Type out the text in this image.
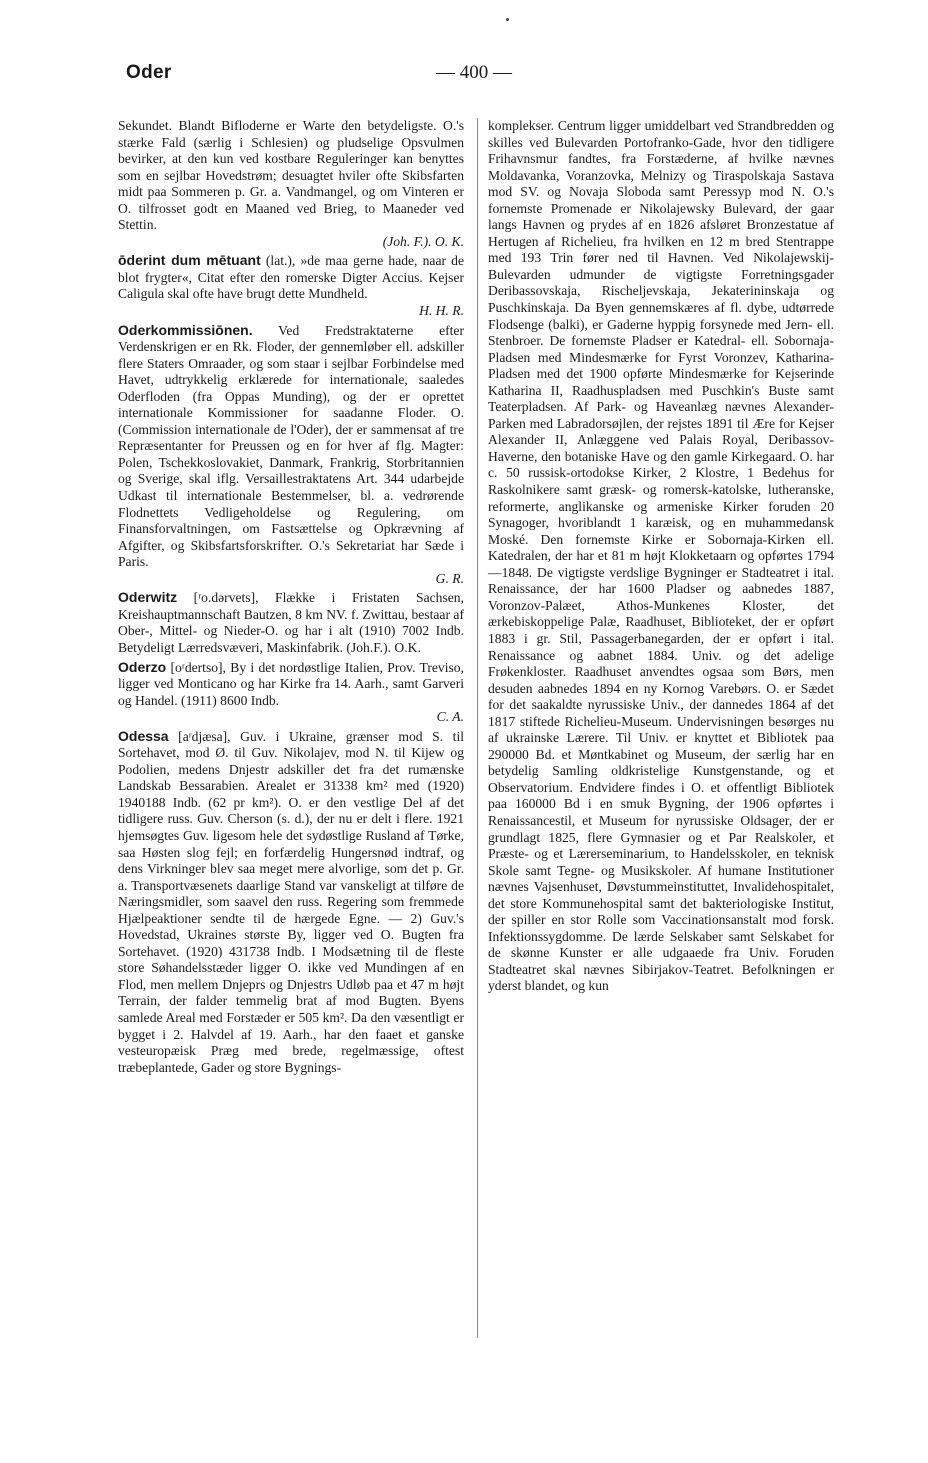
Oder	— 400 —

Sekundet. Blandt Bifloderne er Warte den betydeligste. O.'s stærke Fald (særlig i Schlesien) og pludselige Opsvulmen bevirker, at den kun ved kostbare Reguleringer kan benyttes som en sejlbar Hovedstrøm; desuagtet hviler ofte Skibsfarten midt paa Sommeren p. Gr. a. Vandmangel, og om Vinteren er O. tilfrosset godt en Maaned ved Brieg, to Maaneder ved Stettin.
(Joh. F.). O. K.

ōderint dum mētuant (lat.), »de maa gerne hade, naar de blot frygter«, Citat efter den romerske Digter Accius. Kejser Caligula skal ofte have brugt dette Mundheld.
H. H. R.

Oderkommissiōnen. Ved Fredstraktaterne efter Verdenskrigen er en Rk. Floder, der gennemløber ell. adskiller flere Staters Omraader, og som staar i sejlbar Forbindelse med Havet, udtrykkelig erklærede for internationale, saaledes Oderfloden (fra Oppas Munding), og der er oprettet internationale Kommissioner for saadanne Floder. O. (Commission internationale de l'Oder), der er sammensat af tre Repræsentanter for Preussen og en for hver af flg. Magter: Polen, Tschekkoslovakiet, Danmark, Frankrig, Storbritannien og Sverige, skal iflg. Versaillestraktatens Art. 344 udarbejde Udkast til internationale Bestemmelser, bl. a. vedrørende Flodnettets Vedligeholdelse og Regulering, om Finansforvaltningen, om Fastsættelse og Opkrævning af Afgifter, og Skibsfartsforskrifter. O.'s Sekretariat har Sæde i Paris.
G. R.

Oderwitz [ʳo.dərvets], Flække i Fristaten Sachsen, Kreishauptmannschaft Bautzen, 8 km NV. f. Zwittau, bestaar af Ober-, Mittel- og Nieder-O. og har i alt (1910) 7002 Indb. Betydeligt Lærredsvæveri, Maskinfabrik. (Joh.F.). O.K.

Oderzo [oʳdertso], By i det nordøstlige Italien, Prov. Treviso, ligger ved Monticano og har Kirke fra 14. Aarh., samt Garveri og Handel. (1911) 8600 Indb.
C. A.

Odessa [aʳdjæsa], Guv. i Ukraine, grænser mod S. til Sortehavet, mod Ø. til Guv. Nikolajev, mod N. til Kijew og Podolien, medens Dnjestr adskiller det fra det rumænske Landskab Bessarabien. Arealet er 31338 km² med (1920) 1940188 Indb. (62 pr km²). O. er den vestlige Del af det tidligere russ. Guv. Cherson (s. d.), der nu er delt i flere. 1921 hjemsøgtes Guv. ligesom hele det sydøstlige Rusland af Tørke, saa Høsten slog fejl; en forfærdelig Hungersnød indtraf, og dens Virkninger blev saa meget mere alvorlige, som det p. Gr. a. Transportvæsenets daarlige Stand var vanskeligt at tilføre de Næringsmidler, som saavel den russ. Regering som fremmede Hjælpeaktioner sendte til de hærgede Egne. — 2) Guv.'s Hovedstad, Ukraines største By, ligger ved O. Bugten fra Sortehavet. (1920) 431738 Indb. I Modsætning til de fleste store Søhandelsstæder ligger O. ikke ved Mundingen af en Flod, men mellem Dnjeprs og Dnjestrs Udløb paa et 47 m højt Terrain, der falder temmelig brat af mod Bugten. Byens samlede Areal med Forstæder er 505 km². Da den væsentligt er bygget i 2. Halvdel af 19. Aarh., har den faaet et ganske vesteuropæisk Præg med brede, regelmæssige, oftest træbeplantede, Gader og store Bygnings-

komplekser. Centrum ligger umiddelbart ved Strandbredden og skilles ved Bulevarden Portofranko-Gade, hvor den tidligere Frihavnsmur fandtes, fra Forstæderne, af hvilke nævnes Moldavanka, Voranzovka, Melnizy og Tiraspolskaja Sastava mod SV. og Novaja Sloboda samt Peressyp mod N. O.'s fornemste Promenade er Nikolajewsky Bulevard, der gaar langs Havnen og prydes af en 1826 afsløret Bronzestatue af Hertugen af Richelieu, fra hvilken en 12 m bred Stentrappe med 193 Trin fører ned til Havnen. Ved Nikolajewskij-Bulevarden udmunder de vigtigste Forretningsgader Deribassovskaja, Rischeljevskaja, Jekaterininskaja og Puschkinskaja. Da Byen gennemskæres af fl. dybe, udtørrede Flodsenge (balki), er Gaderne hyppig forsynede med Jern- ell. Stenbroer. De fornemste Pladser er Katedral- ell. Sobornaja-Pladsen med Mindesmærke for Fyrst Voronzev, Katharina-Pladsen med det 1900 opførte Mindesmærke for Kejserinde Katharina II, Raadhuspladsen med Puschkin's Buste samt Teaterpladsen. Af Park- og Haveanlæg nævnes Alexander-Parken med Labradorsøjlen, der rejstes 1891 til Ære for Kejser Alexander II, Anlæggene ved Palais Royal, Deribassov-Haverne, den botaniske Have og den gamle Kirkegaard. O. har c. 50 russisk-ortodokse Kirker, 2 Klostre, 1 Bedehus for Raskolnikere samt græsk- og romersk-katolske, lutheranske, reformerte, anglikanske og armeniske Kirker foruden 20 Synagoger, hvoriblandt 1 karæisk, og en muhammedansk Moské. Den fornemste Kirke er Sobornaja-Kirken ell. Katedralen, der har et 81 m højt Klokketaarn og opførtes 1794—1848. De vigtigste verdslige Bygninger er Stadteatret i ital. Renaissance, der har 1600 Pladser og aabnedes 1887, Voronzov-Palæet, Athos-Munkenes Kloster, det ærkebiskoppelige Palæ, Raadhuset, Biblioteket, der er opført 1883 i gr. Stil, Passagerbanegarden, der er opført i ital. Renaissance og aabnet 1884. Univ. og det adelige Frøkenkloster. Raadhuset anvendtes ogsaa som Børs, men desuden aabnedes 1894 en ny Kornog Varebørs. O. er Sædet for det saakaldte nyrussiske Univ., der dannedes 1864 af det 1817 stiftede Richelieu-Museum. Undervisningen besørges nu af ukrainske Lærere. Til Univ. er knyttet et Bibliotek paa 290000 Bd. et Møntkabinet og Museum, der særlig har en betydelig Samling oldkristelige Kunstgenstande, og et Observatorium. Endvidere findes i O. et offentligt Bibliotek paa 160000 Bd i en smuk Bygning, der 1906 opførtes i Renaissancestil, et Museum for nyrussiske Oldsager, der er grundlagt 1825, flere Gymnasier og et Par Realskoler, et Præste- og et Lærerseminarium, to Handelsskoler, en teknisk Skole samt Tegne- og Musikskoler. Af humane Institutioner nævnes Vajsenhuset, Døvstummeinstituttet, Invalidehospitalet, det store Kommunehospital samt det bakteriologiske Institut, der spiller en stor Rolle som Vaccinationsanstalt mod forsk. Infektionssygdomme. De lærde Selskaber samt Selskabet for de skønne Kunster er alle udgaaede fra Univ. Foruden Stadteatret skal nævnes Sibirjakov-Teatret. Befolkningen er yderst blandet, og kun
